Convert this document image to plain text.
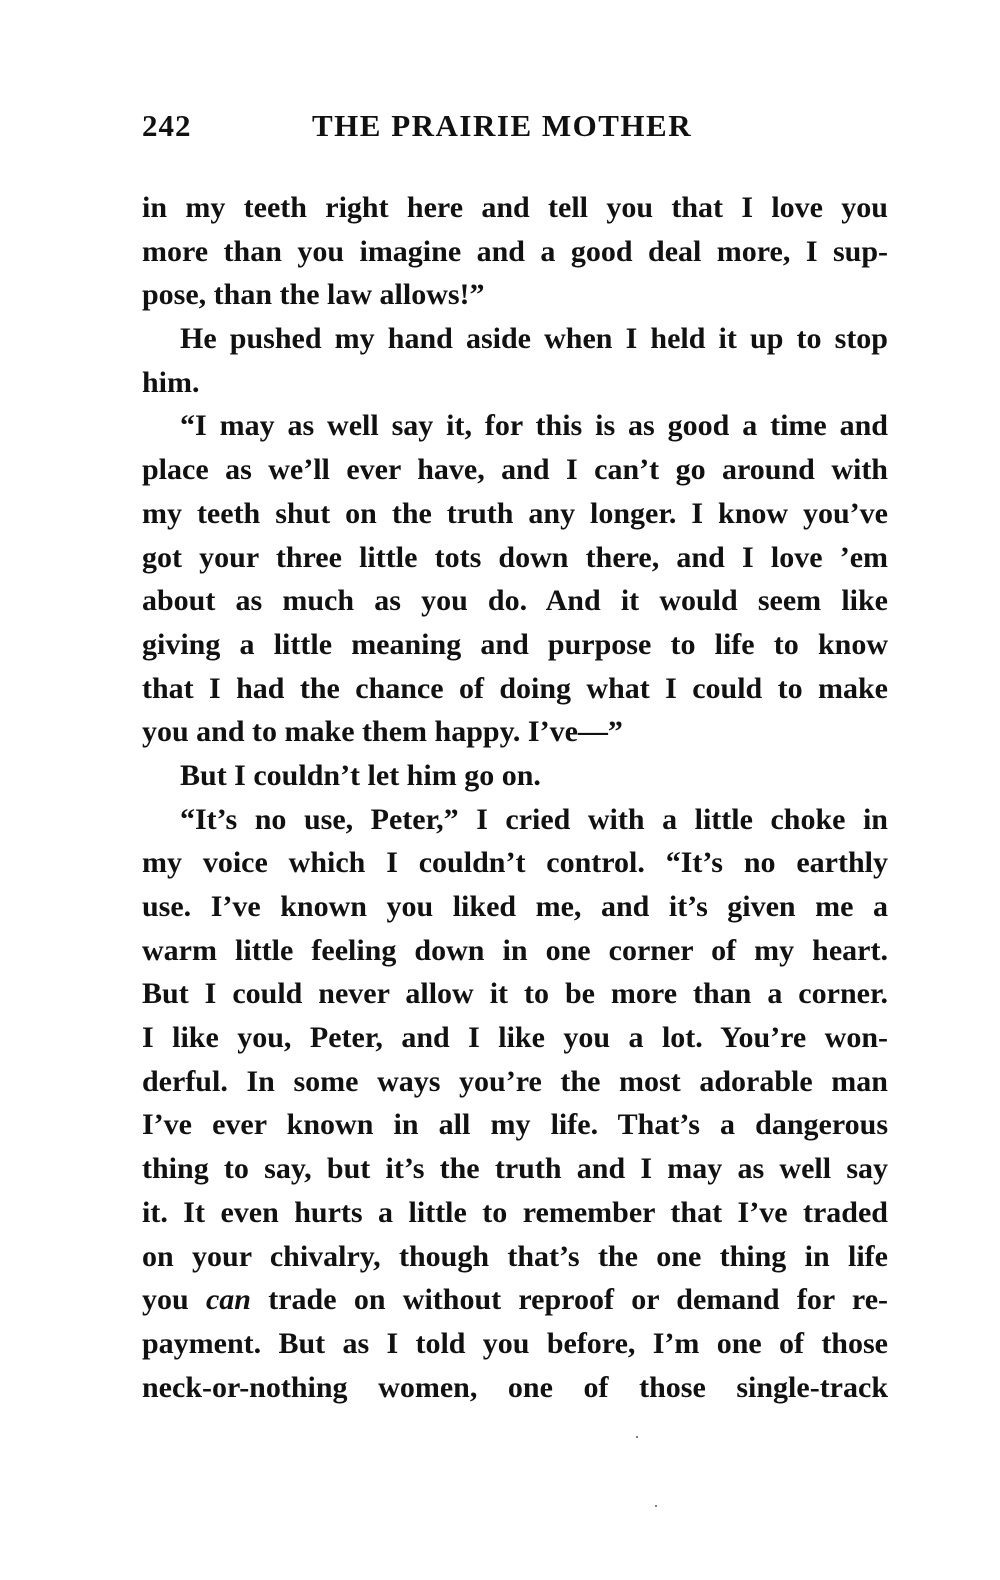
242	THE PRAIRIE MOTHER
in my teeth right here and tell you that I love you
more than you imagine and a good deal more, I sup-
pose, than the law allows!”
He pushed my hand aside when I held it up to stop
him.
“I may as well say it, for this is as good a time and
place as we’ll ever have, and I can’t go around with
my teeth shut on the truth any longer. I know you’ve
got your three little tots down there, and I love ’em
about as much as you do. And it would seem like
giving a little meaning and purpose to life to know
that I had the chance of doing what I could to make
you and to make them happy. I’ve—”
But I couldn’t let him go on.
“It’s no use, Peter,” I cried with a little choke in
my voice which I couldn’t control. “It’s no earthly
use. I’ve known you liked me, and it’s given me a
warm little feeling down in one corner of my heart.
But I could never allow it to be more than a corner.
I like you, Peter, and I like you a lot. You’re won-
derful. In some ways you’re the most adorable man
I’ve ever known in all my life. That’s a dangerous
thing to say, but it’s the truth and I may as well say
it. It even hurts a little to remember that I’ve traded
on your chivalry, though that’s the one thing in life
you can trade on without reproof or demand for re-
payment. But as I told you before, I’m one of those
neck-or-nothing women, one of those single-track
